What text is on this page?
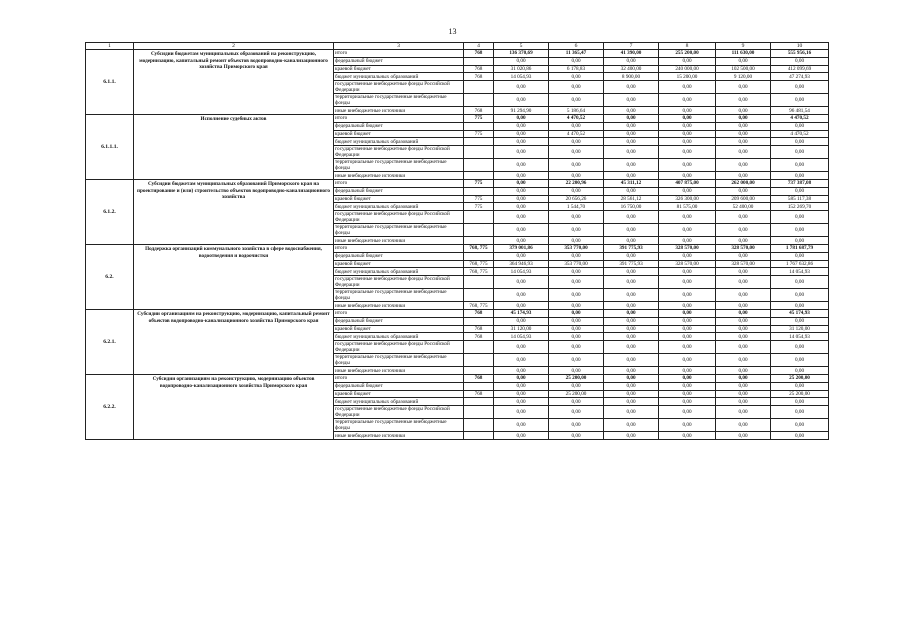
13
1	2	3	4	5	6	7	8	9	10
6.1.1.	Субсидии бюджетам муниципальных образований на реконструкцию, модернизацию, капитальный ремонт объектов водопроводно-канализационного хозяйства Приморского края	итого	768	136 370,69	11 365,47	41 390,00	255 200,00	111 630,00	555 956,16
		федеральный бюджет		0,00	0,00	0,00	0,00	0,00	0,00
		краевой бюджет	768	31 020,86	6 178,83	32 400,00	240 000,00	102 500,00	412 099,69
		бюджет муниципальных образований	768	14 054,93	0,00	8 900,00	15 200,00	9 120,00	47 274,93
		государственные внебюджетные фонды Российской Федерации		0,00	0,00	0,00	0,00	0,00	0,00
		территориальные государственные внебюджетные фонды		0,00	0,00	0,00	0,00	0,00	0,00
		иные внебюджетные источники	768	91 294,90	5 186,64	0,00	0,00	0,00	96 481,54
6.1.1.1.	Исполнение судебных актов	итого	775	0,00	4 470,52	0,00	0,00	0,00	4 470,52
		федеральный бюджет		0,00	0,00	0,00	0,00	0,00	0,00
		краевой бюджет	775	0,00	4 470,52	0,00	0,00	0,00	4 470,52
		бюджет муниципальных образований		0,00	0,00	0,00	0,00	0,00	0,00
		государственные внебюджетные фонды Российской Федерации		0,00	0,00	0,00	0,00	0,00	0,00
		территориальные государственные внебюджетные фонды		0,00	0,00	0,00	0,00	0,00	0,00
		иные внебюджетные источники		0,00	0,00	0,00	0,00	0,00	0,00
6.1.2.	Субсидии бюджетам муниципальных образований Приморского края на проектирование и (или) строительство объектов водопроводно-канализационного хозяйства	итого	775	0,00	22 200,96	45 311,12	407 875,00	262 000,00	737 387,08
		федеральный бюджет		0,00	0,00	0,00	0,00	0,00	0,00
		краевой бюджет	775	0,00	20 656,26	28 561,12	326 300,00	209 600,00	585 117,38
		бюджет муниципальных образований	775	0,00	1 544,70	16 750,00	81 575,00	52 400,00	152 269,70
		государственные внебюджетные фонды Российской Федерации		0,00	0,00	0,00	0,00	0,00	0,00
		территориальные государственные внебюджетные фонды		0,00	0,00	0,00	0,00	0,00	0,00
		иные внебюджетные источники		0,00	0,00	0,00	0,00	0,00	0,00
6.2.	Поддержка организаций коммунального хозяйства в сфере водоснабжения, водоотведения и водоочистки	итого	768, 775	379 001,86	353 770,00	391 775,93	328 570,00	328 570,00	1 781 687,79
		федеральный бюджет		0,00	0,00	0,00	0,00	0,00	0,00
		краевой бюджет	768, 775	364 946,93	353 770,00	391 775,93	328 570,00	328 570,00	1 767 632,86
		бюджет муниципальных образований	768, 775	14 054,93	0,00	0,00	0,00	0,00	14 054,93
		государственные внебюджетные фонды Российской Федерации		0,00	0,00	0,00	0,00	0,00	0,00
		территориальные государственные внебюджетные фонды		0,00	0,00	0,00	0,00	0,00	0,00
		иные внебюджетные источники	768, 775	0,00	0,00	0,00	0,00	0,00	0,00
6.2.1.	Субсидии организациям на реконструкцию, модернизацию, капитальный ремонт объектов водопроводно-канализационного хозяйства Приморского края	итого	768	45 174,93	0,00	0,00	0,00	0,00	45 174,93
		федеральный бюджет		0,00	0,00	0,00	0,00	0,00	0,00
		краевой бюджет	768	31 120,00	0,00	0,00	0,00	0,00	31 120,00
		бюджет муниципальных образований	768	14 054,93	0,00	0,00	0,00	0,00	14 054,93
		государственные внебюджетные фонды Российской Федерации		0,00	0,00	0,00	0,00	0,00	0,00
		территориальные государственные внебюджетные фонды		0,00	0,00	0,00	0,00	0,00	0,00
		иные внебюджетные источники		0,00	0,00	0,00	0,00	0,00	0,00
6.2.2.	Субсидии организациям на реконструкцию, модернизацию объектов водопроводно-канализационного хозяйства Приморского края	итого	768	0,00	25 200,00	0,00	0,00	0,00	25 200,00
		федеральный бюджет		0,00	0,00	0,00	0,00	0,00	0,00
		краевой бюджет	768	0,00	25 200,00	0,00	0,00	0,00	25 200,00
		бюджет муниципальных образований		0,00	0,00	0,00	0,00	0,00	0,00
		государственные внебюджетные фонды Российской Федерации		0,00	0,00	0,00	0,00	0,00	0,00
		территориальные государственные внебюджетные фонды		0,00	0,00	0,00	0,00	0,00	0,00
		иные внебюджетные источники		0,00	0,00	0,00	0,00	0,00	0,00
